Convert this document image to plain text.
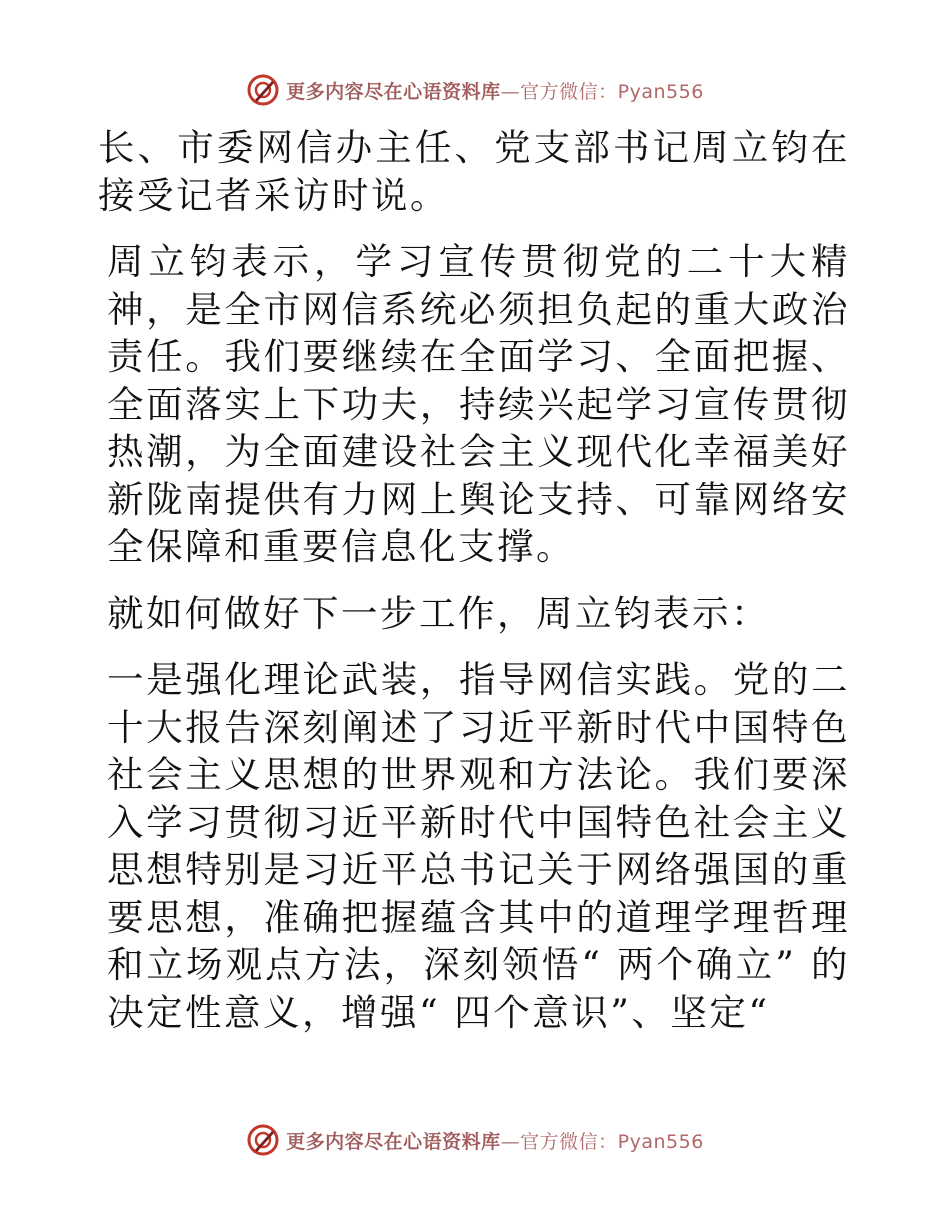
更多内容尽在心语资料库—官方微信：Pyan556

长、市委网信办主任、党支部书记周立钧在接受记者采访时说。

周立钧表示，学习宣传贯彻党的二十大精神，是全市网信系统必须担负起的重大政治责任。我们要继续在全面学习、全面把握、全面落实上下功夫，持续兴起学习宣传贯彻热潮，为全面建设社会主义现代化幸福美好新陇南提供有力网上舆论支持、可靠网络安全保障和重要信息化支撑。

就如何做好下一步工作，周立钧表示：

一是强化理论武装，指导网信实践。党的二十大报告深刻阐述了习近平新时代中国特色社会主义思想的世界观和方法论。我们要深入学习贯彻习近平新时代中国特色社会主义思想特别是习近平总书记关于网络强国的重要思想，准确把握蕴含其中的道理学理哲理和立场观点方法，深刻领悟“ 两个确立” 的决定性意义，增强“ 四个意识”、坚定“

更多内容尽在心语资料库—官方微信：Pyan556
